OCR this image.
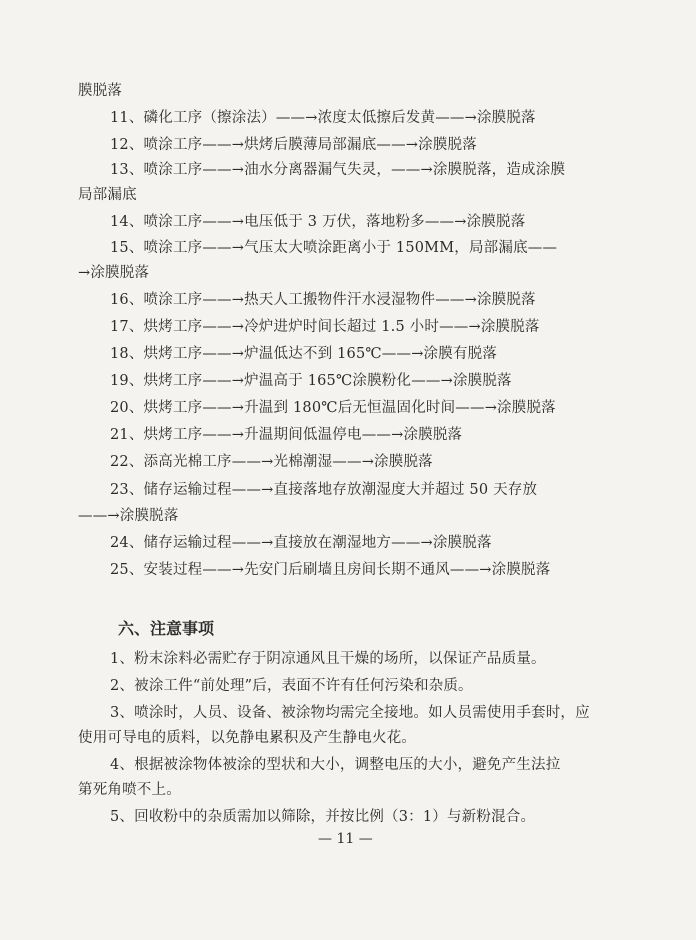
膜脱落
11、磷化工序（擦涂法）——→浓度太低擦后发黄——→涂膜脱落
12、喷涂工序——→烘烤后膜薄局部漏底——→涂膜脱落
13、喷涂工序——→油水分离器漏气失灵，——→涂膜脱落，造成涂膜
局部漏底
14、喷涂工序——→电压低于 3 万伏，落地粉多——→涂膜脱落
15、喷涂工序——→气压太大喷涂距离小于 150MM，局部漏底——
→涂膜脱落
16、喷涂工序——→热天人工搬物件汗水浸湿物件——→涂膜脱落
17、烘烤工序——→冷炉进炉时间长超过 1.5 小时——→涂膜脱落
18、烘烤工序——→炉温低达不到 165℃——→涂膜有脱落
19、烘烤工序——→炉温高于 165℃涂膜粉化——→涂膜脱落
20、烘烤工序——→升温到 180℃后无恒温固化时间——→涂膜脱落
21、烘烤工序——→升温期间低温停电——→涂膜脱落
22、添高光棉工序——→光棉潮湿——→涂膜脱落
23、储存运输过程——→直接落地存放潮湿度大并超过 50 天存放
——→涂膜脱落
24、储存运输过程——→直接放在潮湿地方——→涂膜脱落
25、安装过程——→先安门后刷墙且房间长期不通风——→涂膜脱落
六、注意事项
1、粉末涂料必需贮存于阴凉通风且干燥的场所，以保证产品质量。
2、被涂工件“前处理”后，表面不许有任何污染和杂质。
3、喷涂时，人员、设备、被涂物均需完全接地。如人员需使用手套时，应
使用可导电的质料，以免静电累积及产生静电火花。
4、根据被涂物体被涂的型状和大小，调整电压的大小，避免产生法拉
第死角喷不上。
5、回收粉中的杂质需加以筛除，并按比例（3：1）与新粉混合。
— 11 —
